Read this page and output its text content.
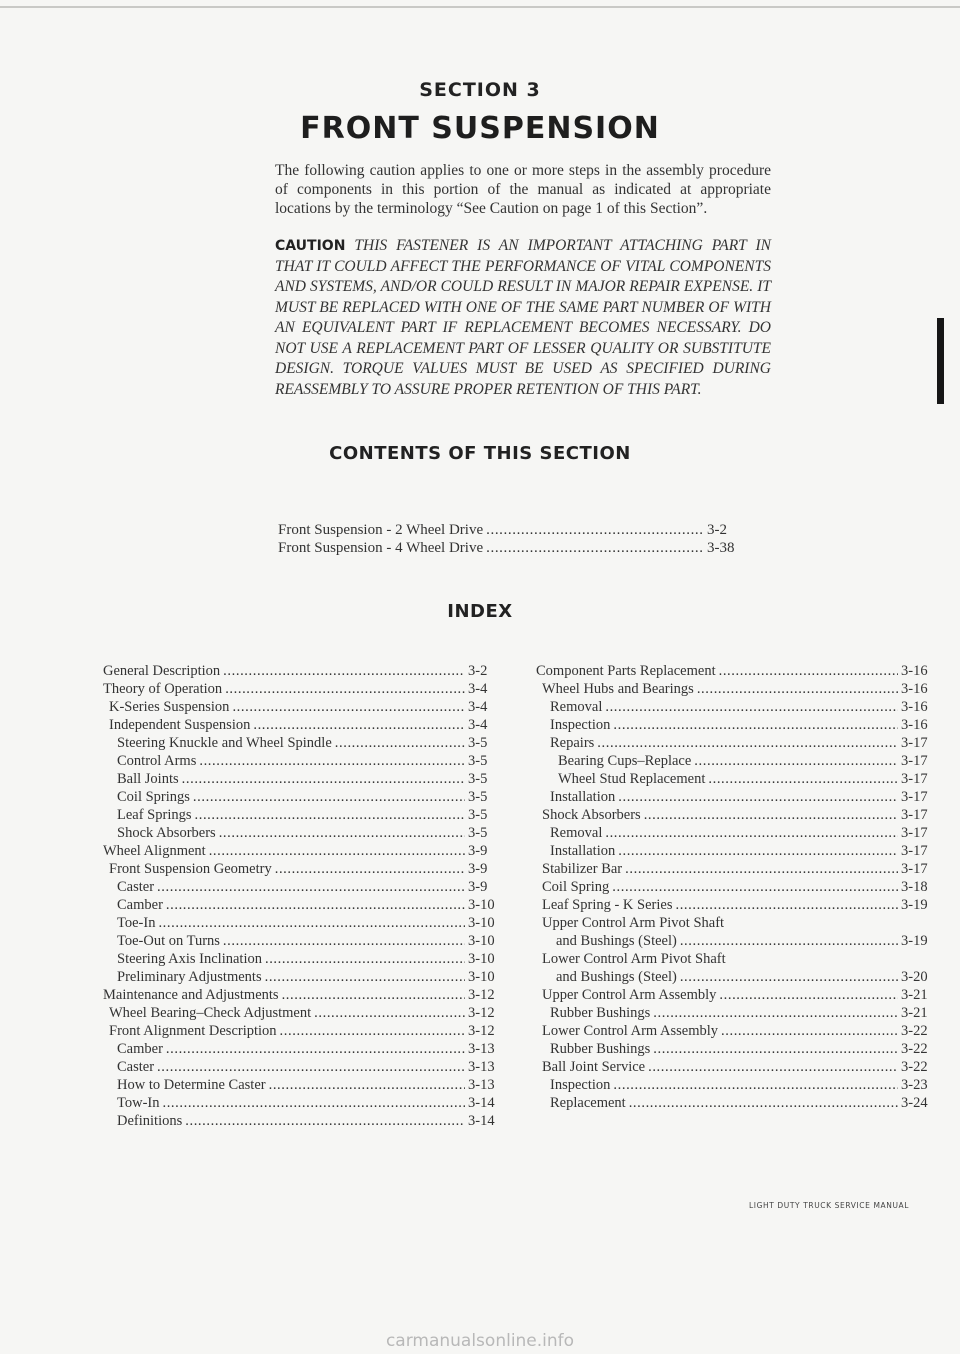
SECTION 3
FRONT SUSPENSION
The following caution applies to one or more steps in the assembly procedure of components in this portion of the manual as indicated at appropriate locations by the terminology “See Caution on page 1 of this Section”.
CAUTION THIS FASTENER IS AN IMPORTANT ATTACHING PART IN THAT IT COULD AFFECT THE PERFORMANCE OF VITAL COMPONENTS AND SYSTEMS, AND/OR COULD RESULT IN MAJOR REPAIR EXPENSE. IT MUST BE REPLACED WITH ONE OF THE SAME PART NUMBER OF WITH AN EQUIVALENT PART IF REPLACEMENT BECOMES NECESSARY. DO NOT USE A REPLACEMENT PART OF LESSER QUALITY OR SUBSTITUTE DESIGN. TORQUE VALUES MUST BE USED AS SPECIFIED DURING REASSEMBLY TO ASSURE PROPER RETENTION OF THIS PART.
CONTENTS OF THIS SECTION
Front Suspension - 2 Wheel Drive .....	3-2
Front Suspension - 4 Wheel Drive .....	3-38
INDEX
General Description .....	3-2
Theory of Operation .....	3-4
K-Series Suspension .....	3-4
Independent Suspension .....	3-4
Steering Knuckle and Wheel Spindle .....	3-5
Control Arms .....	3-5
Ball Joints .....	3-5
Coil Springs .....	3-5
Leaf Springs .....	3-5
Shock Absorbers .....	3-5
Wheel Alignment .....	3-9
Front Suspension Geometry .....	3-9
Caster .....	3-9
Camber .....	3-10
Toe-In .....	3-10
Toe-Out on Turns .....	3-10
Steering Axis Inclination .....	3-10
Preliminary Adjustments .....	3-10
Maintenance and Adjustments .....	3-12
Wheel Bearing–Check Adjustment .....	3-12
Front Alignment Description .....	3-12
Camber .....	3-13
Caster .....	3-13
How to Determine Caster .....	3-13
Tow-In .....	3-14
Definitions .....	3-14
Component Parts Replacement .....	3-16
Wheel Hubs and Bearings .....	3-16
Removal .....	3-16
Inspection .....	3-16
Repairs .....	3-17
Bearing Cups–Replace .....	3-17
Wheel Stud Replacement .....	3-17
Installation .....	3-17
Shock Absorbers .....	3-17
Removal .....	3-17
Installation .....	3-17
Stabilizer Bar .....	3-17
Coil Spring .....	3-18
Leaf Spring - K Series .....	3-19
Upper Control Arm Pivot Shaft
and Bushings (Steel) .....	3-19
Lower Control Arm Pivot Shaft
and Bushings (Steel) .....	3-20
Upper Control Arm Assembly .....	3-21
Rubber Bushings .....	3-21
Lower Control Arm Assembly .....	3-22
Rubber Bushings .....	3-22
Ball Joint Service .....	3-22
Inspection .....	3-23
Replacement .....	3-24
LIGHT DUTY TRUCK SERVICE MANUAL
carmanualsonline.info
